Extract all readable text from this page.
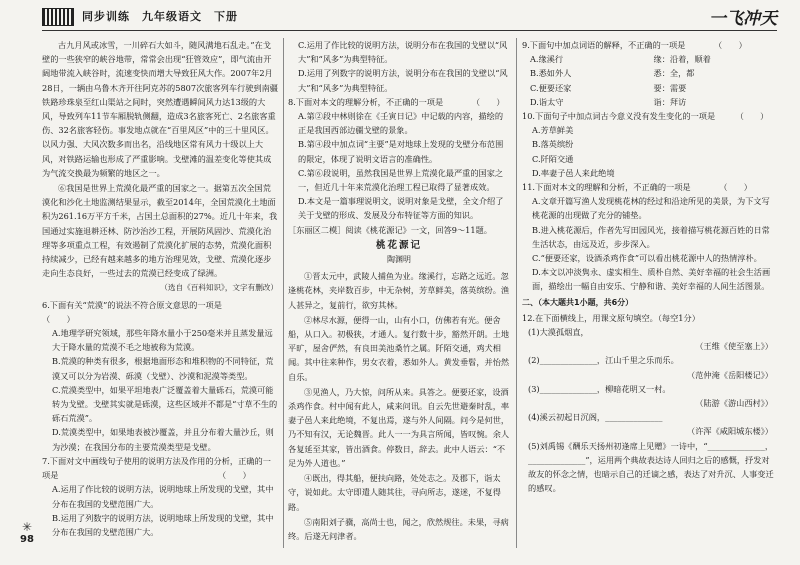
同步训练　九年级语文　下册	一飞冲天

古九月风或冰雪，一川碎石大如斗，随风满地石乱走。”在戈壁的一些狭窄的峡谷地带，常常会出现“狂管效应”，即气流由开阔地带流入峡谷时，流速变快而增大导致狂风大作。2007年2月28日，一辆由乌鲁木齐开往阿克苏的5807次旅客列车行驶到南疆铁路珍珠泉至红山渠站之间时，突然遭遇瞬间风力达13级的大风，导致列车11节车厢脱轨侧翻，造成3名旅客死亡、2名旅客重伤、32名旅客轻伤。事发地点就在“百里风区”中的三十里风区。以风力强、大风次数多而出名，沿线地区常有风力十级以上大风，对铁路运输也形成了严重影响。戈壁滩的温差变化等使其成为气流交换最为频繁的地区之一。

⑥我国是世界上荒漠化最严重的国家之一。据第五次全国荒漠化和沙化土地监测结果显示，截至2014年，全国荒漠化土地面积为261.16万平方千米，占国土总面积的27%。近几十年来，我国通过实施退耕还林、防沙治沙工程，开展防风固沙、荒漠化治理等多项重点工程，有效遏制了荒漠化扩展的态势，荒漠化面积持续减少，已经有越来越多的地方治理见效，戈壁、荒漠化逐步走向生态良好，一些过去的荒漠已经变成了绿洲。

（选自《百科知识》，文字有删改）

6.下面有关“荒漠”的说法不符合原文意思的一项是　　　　（　　）

A.地理学研究领域，那些年降水量小于250毫米并且蒸发量远大于降水量的荒漠不毛之地被称为荒漠。

B.荒漠的种类有很多，根据地面形态和堆积物的不同特征，荒漠又可以分为岩漠、砾漠（戈壁）、沙漠和泥漠等类型。

C.荒漠类型中，如果平坦地表广泛覆盖着大量砾石，荒漠可能转为戈壁。戈壁其实就是砾漠，这些区域并不都是“寸草不生的砾石荒漠”。

D.荒漠类型中，如果地表被沙覆盖，并且分布着大量沙丘，则为沙漠；在我国分布的主要荒漠类型是戈壁。

7.下面对文中画线句子使用的说明方法及作用的分析，正确的一项是　　　　　　　　　　　　　　　　　　　　（　　）

A.运用了作比较的说明方法，说明地球上所发现的戈壁，其中分布在我国的戈壁范围广大。

B.运用了列数字的说明方法，说明地球上所发现的戈壁，其中分布在我国的戈壁范围广大。

C.运用了作比较的说明方法，说明分布在我国的戈壁以“风大”和“风多”为典型特征。

D.运用了列数字的说明方法，说明分布在我国的戈壁以“风大”和“风多”为典型特征。

8.下面对本文的理解分析，不正确的一项是　　　　（　　）

A.第②段中林则徐在《壬寅日记》中记载的内容，描绘的正是我国西部边疆戈壁的景象。

B.第④段中加点词“主要”是对地球上发现的戈壁分布范围的限定，体现了说明文语言的准确性。

C.第⑥段说明，虽然我国是世界上荒漠化最严重的国家之一，但近几十年来荒漠化治理工程已取得了显著成效。

D.本文是一篇事理说明文，说明对象是戈壁，全文介绍了关于戈壁的形成、发展及分布特征等方面的知识。

［东丽区二模］阅读《桃花源记》一文，回答9～11题。

桃花源记

陶渊明

①晋太元中，武陵人捕鱼为业。缘溪行，忘路之远近。忽逢桃花林，夹岸数百步，中无杂树，芳草鲜美，落英缤纷。渔人甚异之，复前行，欲穷其林。

②林尽水源，便得一山，山有小口，仿佛若有光。便舍船，从口入。初极狭，才通人。复行数十步，豁然开朗。土地平旷，屋舍俨然，有良田美池桑竹之属。阡陌交通，鸡犬相闻。其中往来种作，男女衣着，悉如外人。黄发垂髫，并怡然自乐。

③见渔人，乃大惊，问所从来。具答之。便要还家，设酒杀鸡作食。村中闻有此人，咸来问讯。自云先世避秦时乱，率妻子邑人来此绝境，不复出焉，遂与外人间隔。问今是何世，乃不知有汉，无论魏晋。此人一一为具言所闻，皆叹惋。余人各复延至其家，皆出酒食。停数日，辞去。此中人语云：“不足为外人道也。”

④既出，得其船，便扶向路，处处志之。及郡下，诣太守，说如此。太守即遣人随其往，寻向所志，遂迷，不复得路。

⑤南阳刘子骥，高尚士也，闻之，欣然规往。未果，寻病终。后遂无问津者。

9.下面句中加点词语的解释，不正确的一项是　　　　（　　）

A.缘溪行	缘：沿着，顺着
B.悉如外人	悉：全，都
C.便要还家	要：需要
D.诣太守	诣：拜访

10.下面句子中加点词古今意义没有发生变化的一项是　　　（　　）

A.芳草鲜美

B.落英缤纷

C.阡陌交通

D.率妻子邑人来此绝境

11.下面对本文的理解和分析，不正确的一项是　　　　（　　）

A.文章开篇写渔人发现桃花林的经过和沿途所见的美景，为下文写桃花源的出现做了充分的铺垫。

B.进入桃花源后，作者先写田园风光，接着描写桃花源百姓的日常生活状态，由远及近，步步深入。

C.“便要还家，设酒杀鸡作食”可以看出桃花源中人的热情淳朴。

D.本文以冲淡隽永、虚实相生、质朴自然、美好幸福的社会生活画面，描绘出一幅自由安乐、宁静和谐、美好幸福的人间生活图景。

二、（本大题共1小题，共6分）

12.在下面横线上，用课文原句填空。（每空1分）

(1)大漠孤烟直，

（王维《使至塞上》）

(2)______________，江山千里之乐而乐。

（范仲淹《岳阳楼记》）

(3)______________，柳暗花明又一村。

（陆游《游山西村》）

(4)溪云初起日沉阁，______________

（许浑《咸阳城东楼》）

(5)刘禹锡《酬乐天扬州初逢席上见赠》一诗中，“______________，______________”，运用两个典故表达诗人回归之后的感慨，抒发对故友的怀念之情，也暗示自己的迁谪之感，表达了对升沉、人事变迁的感叹。

✳
98
